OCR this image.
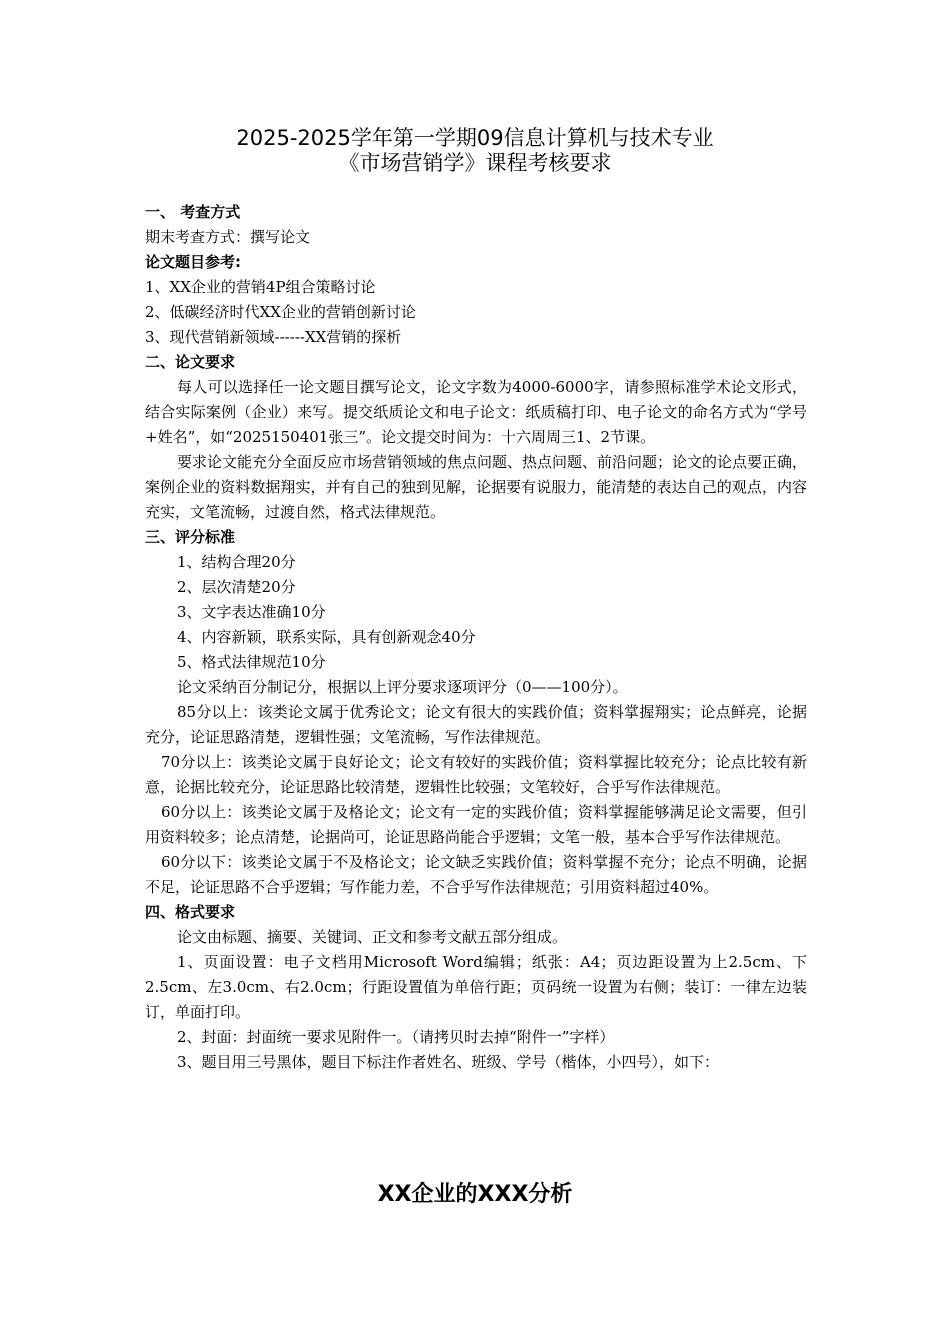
2025-2025学年第一学期09信息计算机与技术专业
《市场营销学》课程考核要求
一、 考查方式

期末考查方式：撰写论文

论文题目参考:

1、XX企业的营销4P组合策略讨论

2、低碳经济时代XX企业的营销创新讨论

3、现代营销新领域------XX营销的探析

二、论文要求

每人可以选择任一论文题目撰写论文，论文字数为4000-6000字，请参照标准学术论文形式，结合实际案例（企业）来写。提交纸质论文和电子论文：纸质稿打印、电子论文的命名方式为“学号+姓名”，如“2025150401张三”。论文提交时间为：十六周周三1、2节课。

要求论文能充分全面反应市场营销领域的焦点问题、热点问题、前沿问题；论文的论点要正确，案例企业的资料数据翔实，并有自己的独到见解，论据要有说服力，能清楚的表达自己的观点，内容充实，文笔流畅，过渡自然，格式法律规范。

三、评分标准

1、结构合理20分

2、层次清楚20分

3、文字表达准确10分

4、内容新颖，联系实际，具有创新观念40分

5、格式法律规范10分

论文采纳百分制记分，根据以上评分要求逐项评分（0——100分）。

85分以上：该类论文属于优秀论文；论文有很大的实践价值；资料掌握翔实；论点鲜亮，论据充分，论证思路清楚，逻辑性强；文笔流畅，写作法律规范。

70分以上：该类论文属于良好论文；论文有较好的实践价值；资料掌握比较充分；论点比较有新意，论据比较充分，论证思路比较清楚，逻辑性比较强；文笔较好，合乎写作法律规范。

60分以上：该类论文属于及格论文；论文有一定的实践价值；资料掌握能够满足论文需要，但引用资料较多；论点清楚，论据尚可，论证思路尚能合乎逻辑；文笔一般，基本合乎写作法律规范。

60分以下：该类论文属于不及格论文；论文缺乏实践价值；资料掌握不充分；论点不明确，论据不足，论证思路不合乎逻辑；写作能力差，不合乎写作法律规范；引用资料超过40%。

四、格式要求

论文由标题、摘要、关键词、正文和参考文献五部分组成。

1、页面设置：电子文档用Microsoft Word编辑；纸张：A4；页边距设置为上2.5cm、下2.5cm、左3.0cm、右2.0cm；行距设置值为单倍行距；页码统一设置为右侧；装订：一律左边装订，单面打印。

2、封面：封面统一要求见附件一。（请拷贝时去掉“附件一”字样）

3、题目用三号黑体，题目下标注作者姓名、班级、学号（楷体，小四号），如下：

XX企业的XXX分析
